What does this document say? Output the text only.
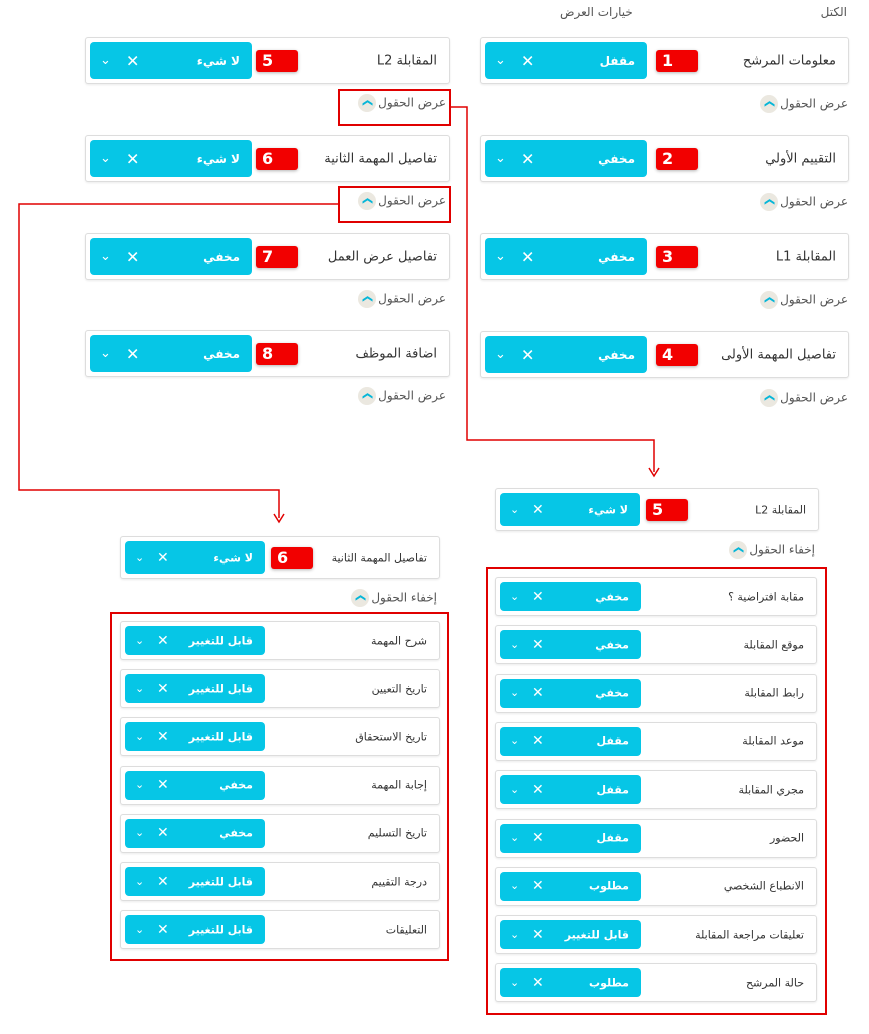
الكتل
خيارات العرض
معلومات المرشح
مقفل
✕
⌄	1
عرض الحقول❯
التقييم الأولي
مخفي
✕
⌄	2
عرض الحقول❯
المقابلة L1
مخفي
✕
⌄	3
عرض الحقول❯
تفاصيل المهمة الأولى
مخفي
✕
⌄	4
عرض الحقول❯
المقابلة L2
لا شيء
✕
⌄	5
عرض الحقول❯
تفاصيل المهمة الثانية
لا شيء
✕
⌄	6
عرض الحقول❯
تفاصيل عرض العمل
مخفي
✕
⌄	7
عرض الحقول❯
اضافة الموظف
مخفي
✕
⌄	8
عرض الحقول❯
المقابلة L2
لا شيء
✕
⌄	5
إخفاء الحقول❯
مقابة افتراضية ؟
مخفي
✕
⌄
موقع المقابلة
مخفي
✕
⌄
رابط المقابلة
مخفي
✕
⌄
موعد المقابلة
مقفل
✕
⌄
مجري المقابلة
مقفل
✕
⌄
الحضور
مقفل
✕
⌄
الانطباع الشخصي
مطلوب
✕
⌄
تعليقات مراجعة المقابلة
قابل للتغيير
✕
⌄
حالة المرشح
مطلوب
✕
⌄
تفاصيل المهمة الثانية
لا شيء
✕
⌄	6
إخفاء الحقول❯
شرح المهمة
قابل للتغيير
✕
⌄
تاريخ التعيين
قابل للتغيير
✕
⌄
تاريخ الاستحقاق
قابل للتغيير
✕
⌄
إجابة المهمة
مخفي
✕
⌄
تاريخ التسليم
مخفي
✕
⌄
درجة التقييم
قابل للتغيير
✕
⌄
التعليقات
قابل للتغيير
✕
⌄
